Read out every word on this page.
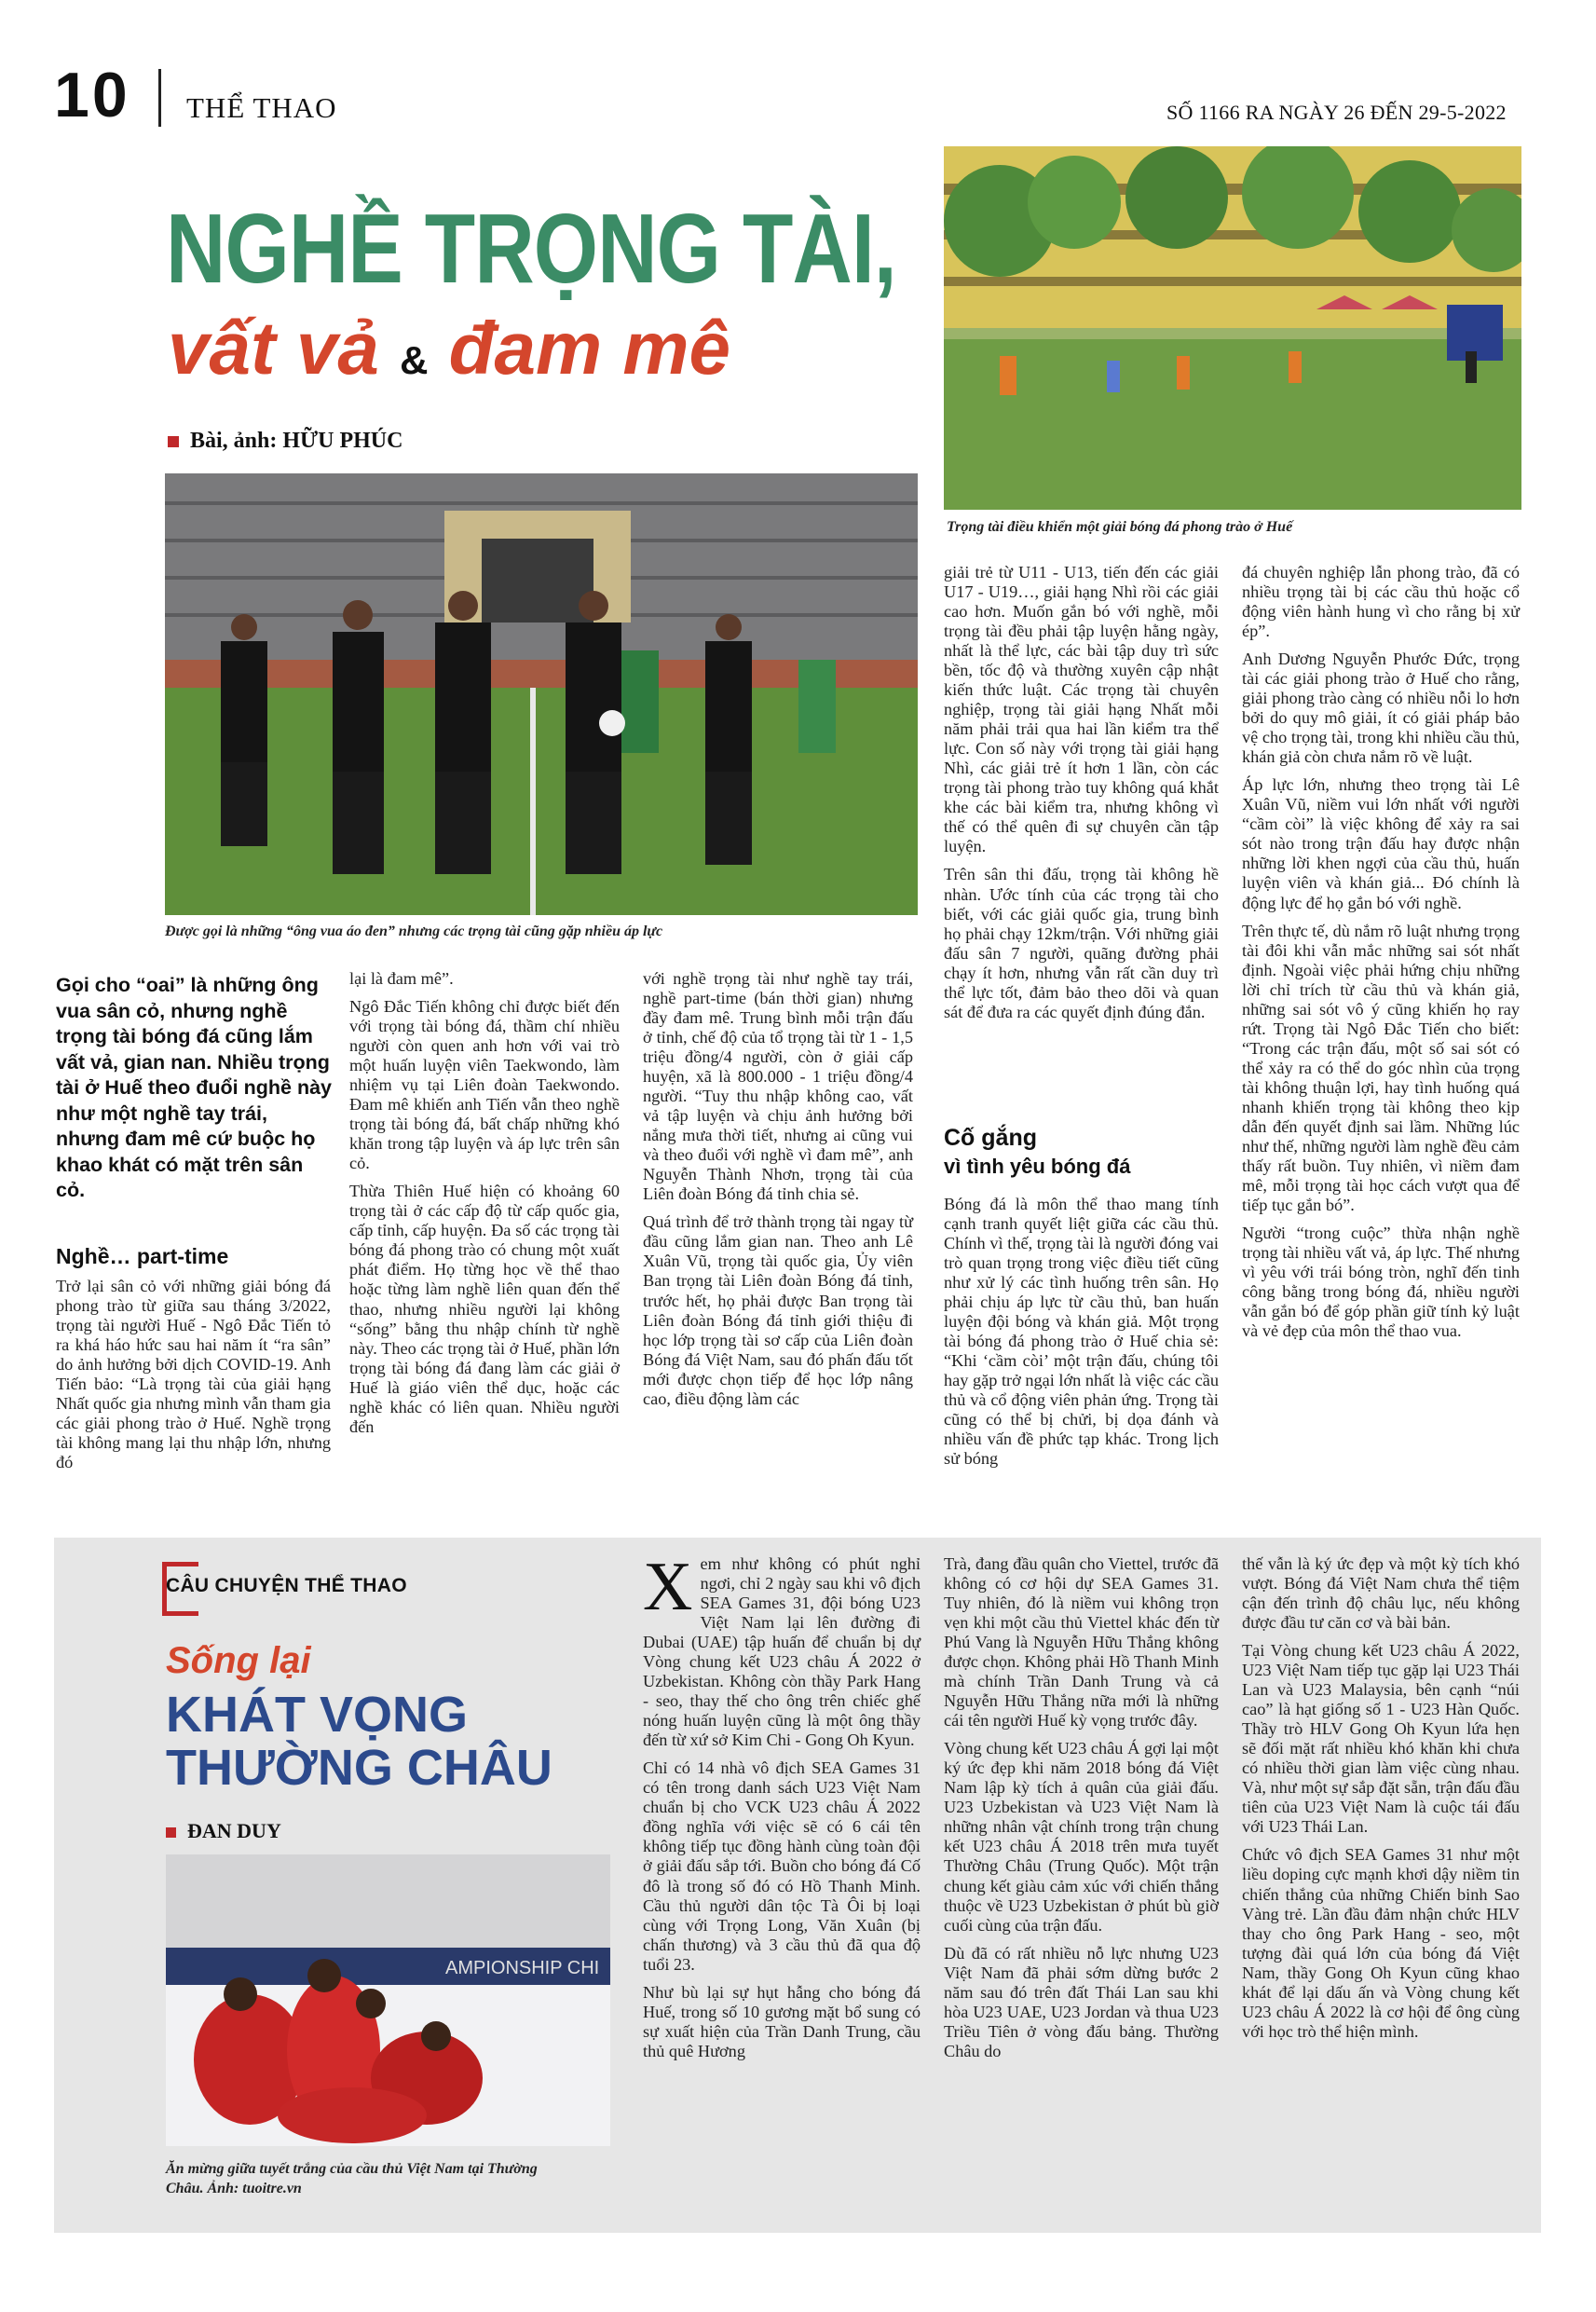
10 THỂ THAO	SỐ 1166 RA NGÀY 26 ĐẾN 29-5-2022
Trọng tài điều khiển một giải bóng đá phong trào ở Huế
NGHỀ TRỌNG TÀI,
vất vả & đam mê
Bài, ảnh: HỮU PHÚC
Được gọi là những “ông vua áo đen” nhưng các trọng tài cũng gặp nhiều áp lực
Gọi cho “oai” là những ông vua sân cỏ, nhưng nghề trọng tài bóng đá cũng lắm vất vả, gian nan. Nhiều trọng tài ở Huế theo đuổi nghề này như một nghề tay trái, nhưng đam mê cứ buộc họ khao khát có mặt trên sân cỏ.
Nghề… part-time

Trở lại sân cỏ với những giải bóng đá phong trào từ giữa sau tháng 3/2022, trọng tài người Huế - Ngô Đắc Tiến tỏ ra khá háo hức sau hai năm ít “ra sân” do ảnh hưởng bởi dịch COVID-19. Anh Tiến bảo: “Là trọng tài của giải hạng Nhất quốc gia nhưng mình vẫn tham gia các giải phong trào ở Huế. Nghề trọng tài không mang lại thu nhập lớn, nhưng đó

lại là đam mê”.

Ngô Đắc Tiến không chỉ được biết đến với trọng tài bóng đá, thầm chí nhiều người còn quen anh hơn với vai trò một huấn luyện viên Taekwondo, làm nhiệm vụ tại Liên đoàn Taekwondo. Đam mê khiến anh Tiến vẫn theo nghề trọng tài bóng đá, bất chấp những khó khăn trong tập luyện và áp lực trên sân cỏ.

Thừa Thiên Huế hiện có khoảng 60 trọng tài ở các cấp độ từ cấp quốc gia, cấp tỉnh, cấp huyện. Đa số các trọng tài bóng đá phong trào có chung một xuất phát điểm. Họ từng học về thể thao hoặc từng làm nghề liên quan đến thể thao, nhưng nhiều người lại không “sống” bằng thu nhập chính từ nghề này. Theo các trọng tài ở Huế, phần lớn trọng tài bóng đá đang làm các giải ở Huế là giáo viên thể dục, hoặc các nghề khác có liên quan. Nhiều người đến

với nghề trọng tài như nghề tay trái, nghề part-time (bán thời gian) nhưng đầy đam mê. Trung bình mỗi trận đấu ở tỉnh, chế độ của tổ trọng tài từ 1 - 1,5 triệu đồng/4 người, còn ở giải cấp huyện, xã là 800.000 - 1 triệu đồng/4 người. “Tuy thu nhập không cao, vất vả tập luyện và chịu ảnh hưởng bởi nắng mưa thời tiết, nhưng ai cũng vui và theo đuổi với nghề vì đam mê”, anh Nguyễn Thành Nhơn, trọng tài của Liên đoàn Bóng đá tỉnh chia sẻ.

Quá trình để trở thành trọng tài ngay từ đầu cũng lắm gian nan. Theo anh Lê Xuân Vũ, trọng tài quốc gia, Ủy viên Ban trọng tài Liên đoàn Bóng đá tỉnh, trước hết, họ phải được Ban trọng tài Liên đoàn Bóng đá tỉnh giới thiệu đi học lớp trọng tài sơ cấp của Liên đoàn Bóng đá Việt Nam, sau đó phấn đấu tốt mới được chọn tiếp để học lớp nâng cao, điều động làm các

giải trẻ từ U11 - U13, tiến đến các giải U17 - U19…, giải hạng Nhì rồi các giải cao hơn. Muốn gắn bó với nghề, mỗi trọng tài đều phải tập luyện hằng ngày, nhất là thể lực, các bài tập duy trì sức bền, tốc độ và thường xuyên cập nhật kiến thức luật. Các trọng tài chuyên nghiệp, trọng tài giải hạng Nhất mỗi năm phải trải qua hai lần kiểm tra thể lực. Con số này với trọng tài giải hạng Nhì, các giải trẻ ít hơn 1 lần, còn các trọng tài phong trào tuy không quá khắt khe các bài kiểm tra, nhưng không vì thế có thể quên đi sự chuyên cần tập luyện.

Trên sân thi đấu, trọng tài không hề nhàn. Ước tính của các trọng tài cho biết, với các giải quốc gia, trung bình họ phải chạy 12km/trận. Với những giải đấu sân 7 người, quãng đường phải chạy ít hơn, nhưng vẫn rất cần duy trì thể lực tốt, đảm bảo theo dõi và quan sát để đưa ra các quyết định đúng đắn.

Cố gắng
vì tình yêu bóng đá

Bóng đá là môn thể thao mang tính cạnh tranh quyết liệt giữa các cầu thủ. Chính vì thế, trọng tài là người đóng vai trò quan trọng trong việc điều tiết cũng như xử lý các tình huống trên sân. Họ phải chịu áp lực từ cầu thủ, ban huấn luyện đội bóng và khán giả. Một trọng tài bóng đá phong trào ở Huế chia sẻ: “Khi ‘cầm còi’ một trận đấu, chúng tôi hay gặp trở ngại lớn nhất là việc các cầu thủ và cổ động viên phản ứng. Trọng tài cũng có thể bị chửi, bị dọa đánh và nhiều vấn đề phức tạp khác. Trong lịch sử bóng

đá chuyên nghiệp lẫn phong trào, đã có nhiều trọng tài bị các cầu thủ hoặc cổ động viên hành hung vì cho rằng bị xử ép”.

Anh Dương Nguyễn Phước Đức, trọng tài các giải phong trào ở Huế cho rằng, giải phong trào càng có nhiều nỗi lo hơn bởi do quy mô giải, ít có giải pháp bảo vệ cho trọng tài, trong khi nhiều cầu thủ, khán giả còn chưa nắm rõ về luật.

Áp lực lớn, nhưng theo trọng tài Lê Xuân Vũ, niềm vui lớn nhất với người “cầm còi” là việc không để xảy ra sai sót nào trong trận đấu hay được nhận những lời khen ngợi của cầu thủ, huấn luyện viên và khán giả... Đó chính là động lực để họ gắn bó với nghề.

Trên thực tế, dù nắm rõ luật nhưng trọng tài đôi khi vẫn mắc những sai sót nhất định. Ngoài việc phải hứng chịu những lời chỉ trích từ cầu thủ và khán giả, những sai sót vô ý cũng khiến họ ray rứt. Trọng tài Ngô Đắc Tiến cho biết: “Trong các trận đấu, một số sai sót có thể xảy ra có thể do góc nhìn của trọng tài không thuận lợi, hay tình huống quá nhanh khiến trọng tài không theo kịp dẫn đến quyết định sai lầm. Những lúc như thế, những người làm nghề đều cảm thấy rất buồn. Tuy nhiên, vì niềm đam mê, mỗi trọng tài học cách vượt qua để tiếp tục gắn bó”.

Người “trong cuộc” thừa nhận nghề trọng tài nhiều vất vả, áp lực. Thế nhưng vì yêu với trái bóng tròn, nghĩ đến tinh công bằng trong bóng đá, nhiều người vẫn gắn bó để góp phần giữ tính kỷ luật và vẻ đẹp của môn thể thao vua.

CÂU CHUYỆN THỂ THAO
Sống lại
KHÁT VỌNG
THƯỜNG CHÂU
ĐAN DUY
AMPIONSHIP CHI
Ăn mừng giữa tuyết trắng của cầu thủ Việt Nam tại Thường Châu. Ảnh: tuoitre.vn

Xem như không có phút nghỉ ngơi, chỉ 2 ngày sau khi vô địch SEA Games 31, đội bóng U23 Việt Nam lại lên đường đi Dubai (UAE) tập huấn để chuẩn bị dự Vòng chung kết U23 châu Á 2022 ở Uzbekistan. Không còn thầy Park Hang - seo, thay thế cho ông trên chiếc ghế nóng huấn luyện cũng là một ông thầy đến từ xứ sở Kim Chi - Gong Oh Kyun.

Chỉ có 14 nhà vô địch SEA Games 31 có tên trong danh sách U23 Việt Nam chuẩn bị cho VCK U23 châu Á 2022 đồng nghĩa với việc sẽ có 6 cái tên không tiếp tục đồng hành cùng toàn đội ở giải đấu sắp tới. Buồn cho bóng đá Cố đô là trong số đó có Hồ Thanh Minh. Cầu thủ người dân tộc Tà Ôi bị loại cùng với Trọng Long, Văn Xuân (bị chấn thương) và 3 cầu thủ đã qua độ tuổi 23.

Như bù lại sự hụt hẫng cho bóng đá Huế, trong số 10 gương mặt bổ sung có sự xuất hiện của Trần Danh Trung, cầu thủ quê Hương

Trà, đang đầu quân cho Viettel, trước đã không có cơ hội dự SEA Games 31. Tuy nhiên, đó là niềm vui không trọn vẹn khi một cầu thủ Viettel khác đến từ Phú Vang là Nguyễn Hữu Thắng không được chọn. Không phải Hồ Thanh Minh mà chính Trần Danh Trung và cả Nguyễn Hữu Thắng nữa mới là những cái tên người Huế kỳ vọng trước đây.

Vòng chung kết U23 châu Á gợi lại một ký ức đẹp khi năm 2018 bóng đá Việt Nam lập kỳ tích ả quân của giải đấu. U23 Uzbekistan và U23 Việt Nam là những nhân vật chính trong trận chung kết U23 châu Á 2018 trên mưa tuyết Thường Châu (Trung Quốc). Một trận chung kết giàu cảm xúc với chiến thắng thuộc về U23 Uzbekistan ở phút bù giờ cuối cùng của trận đấu.

Dù đã có rất nhiều nỗ lực nhưng U23 Việt Nam đã phải sớm dừng bước 2 năm sau đó trên đất Thái Lan sau khi hòa U23 UAE, U23 Jordan và thua U23 Triều Tiên ở vòng đấu bảng. Thường Châu do

thế vẫn là ký ức đẹp và một kỳ tích khó vượt. Bóng đá Việt Nam chưa thể tiệm cận đến trình độ châu lục, nếu không được đầu tư căn cơ và bài bản.

Tại Vòng chung kết U23 châu Á 2022, U23 Việt Nam tiếp tục gặp lại U23 Thái Lan và U23 Malaysia, bên cạnh “núi cao” là hạt giống số 1 - U23 Hàn Quốc. Thầy trò HLV Gong Oh Kyun lứa hẹn sẽ đối mặt rất nhiều khó khăn khi chưa có nhiều thời gian làm việc cùng nhau. Và, như một sự sắp đặt sẵn, trận đấu đầu tiên của U23 Việt Nam là cuộc tái đấu với U23 Thái Lan.

Chức vô địch SEA Games 31 như một liều doping cực mạnh khơi dậy niềm tin chiến thắng của những Chiến binh Sao Vàng trẻ. Lần đầu đảm nhận chức HLV thay cho ông Park Hang - seo, một tượng đài quá lớn của bóng đá Việt Nam, thầy Gong Oh Kyun cũng khao khát để lại dấu ấn và Vòng chung kết U23 châu Á 2022 là cơ hội để ông cùng với học trò thể hiện mình.
